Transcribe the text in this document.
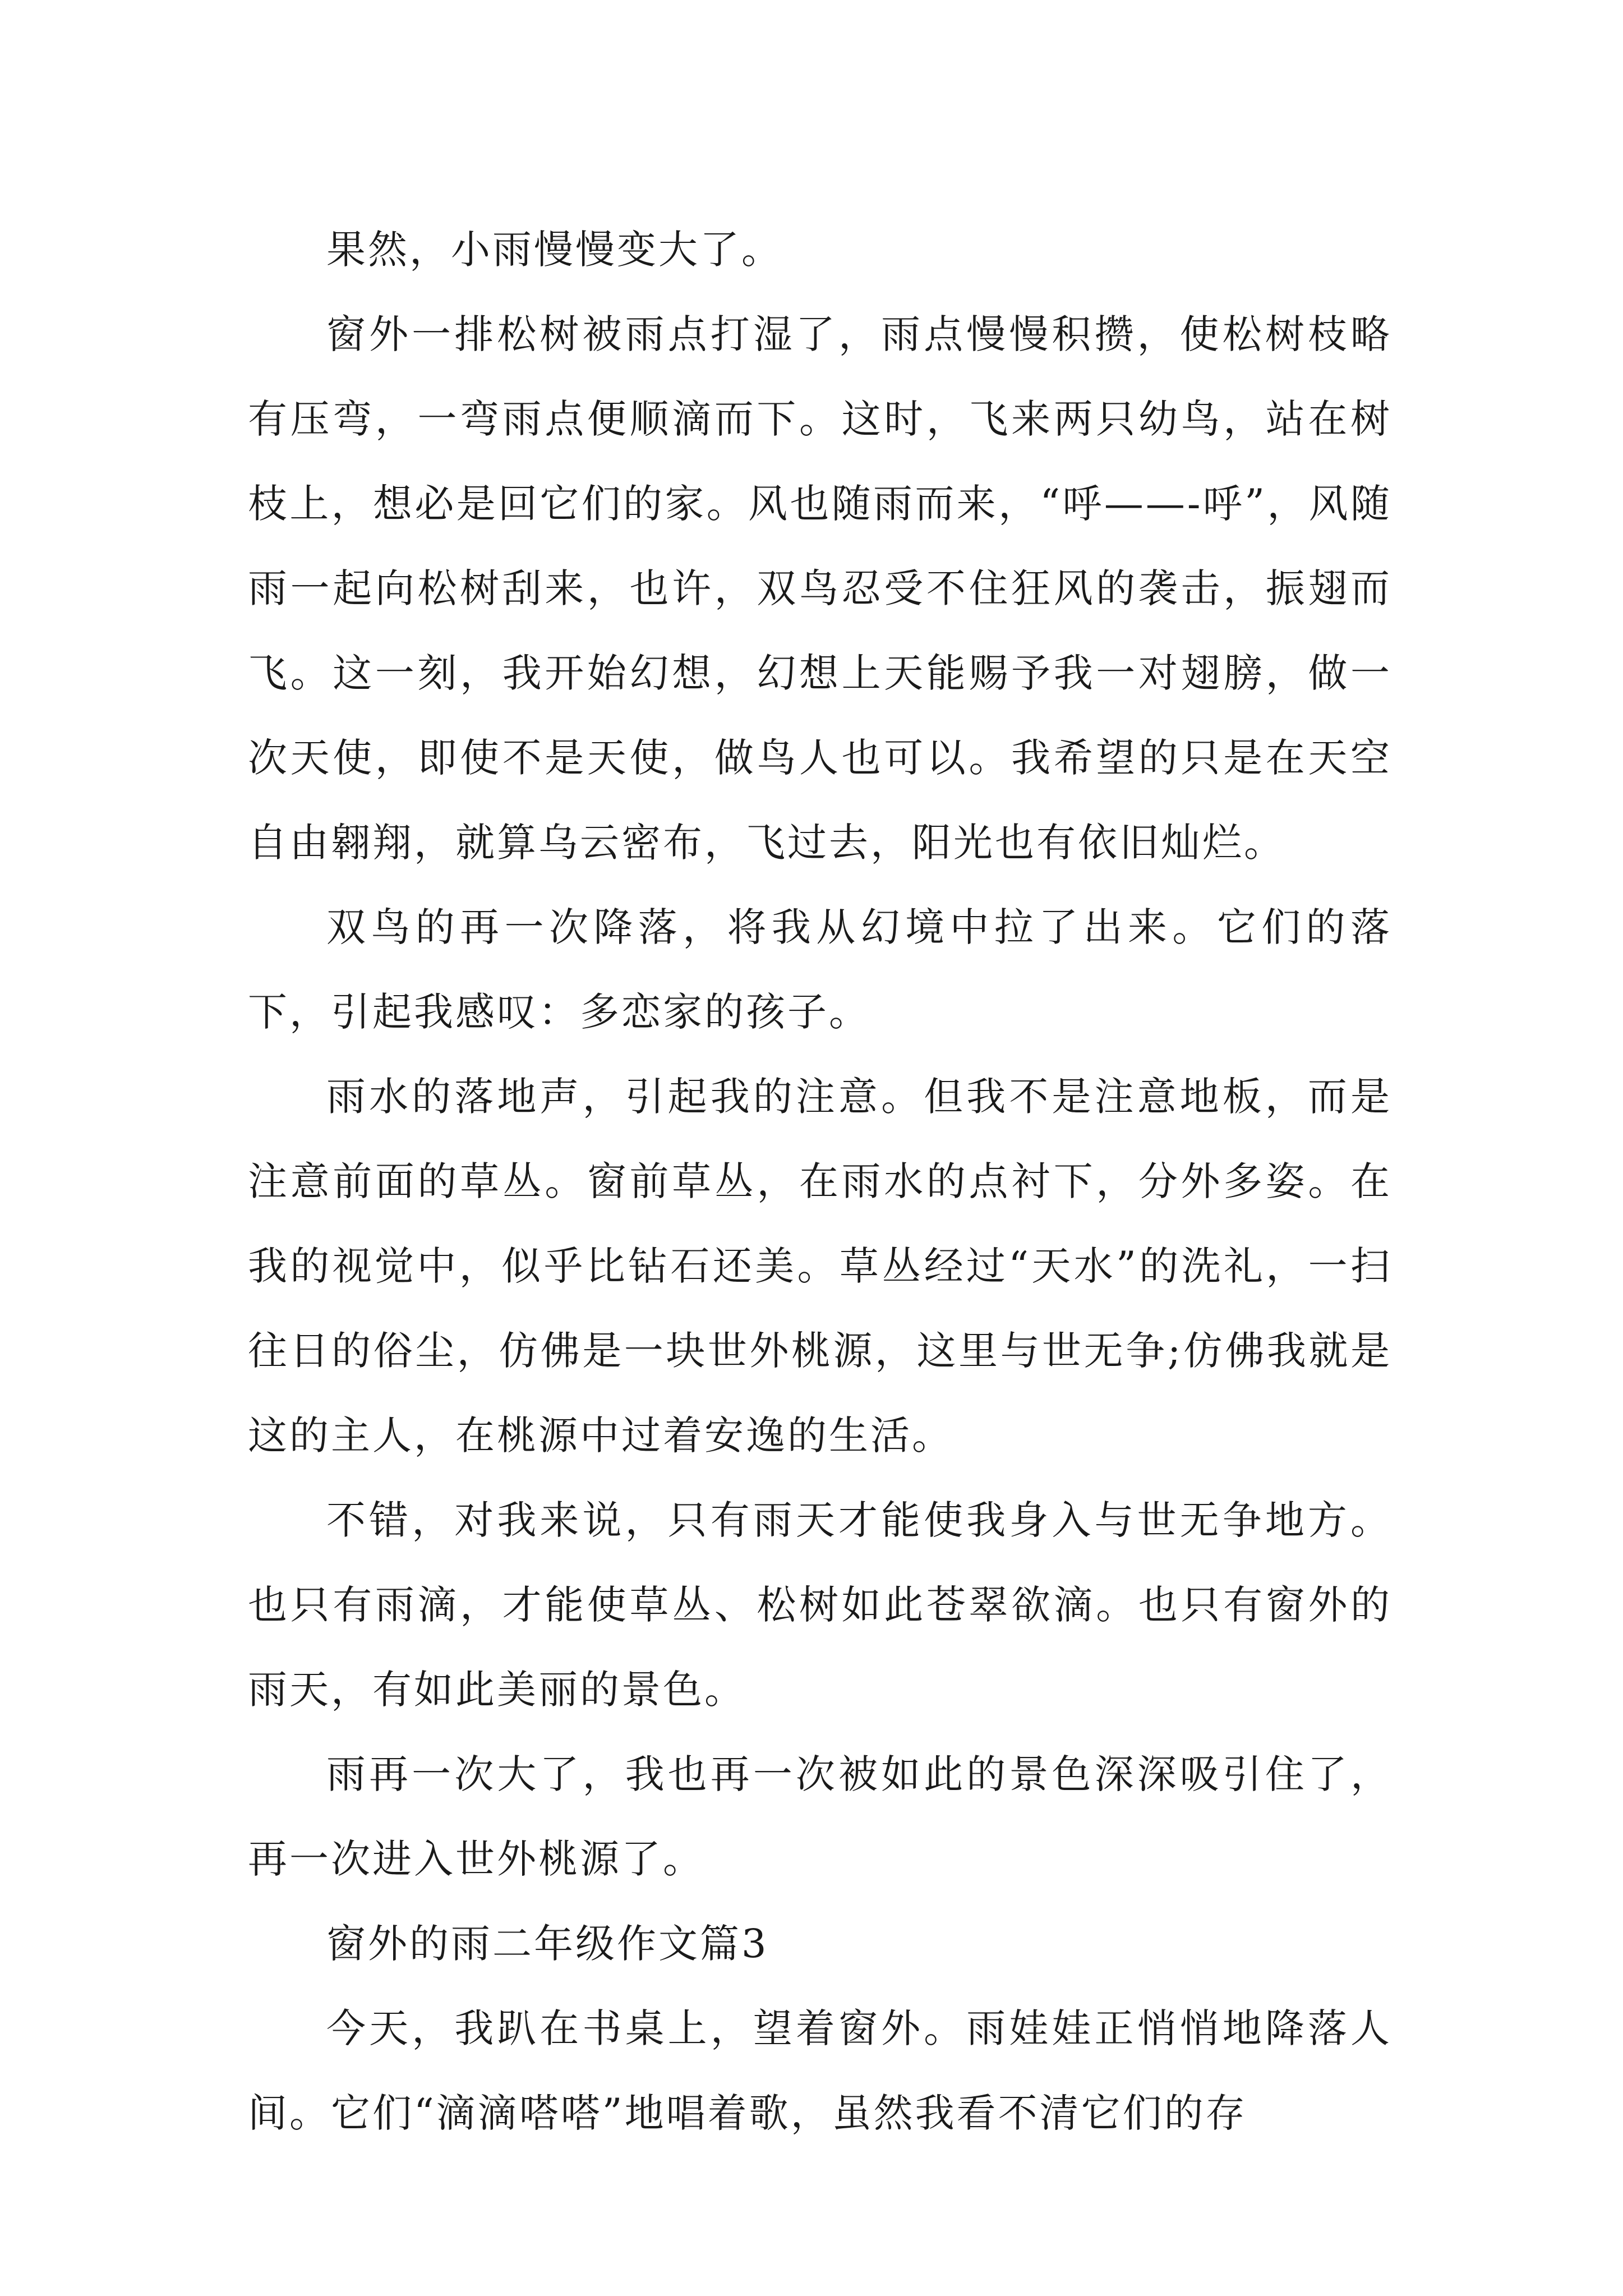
果然，小雨慢慢变大了。

窗外一排松树被雨点打湿了，雨点慢慢积攒，使松树枝略有压弯，一弯雨点便顺滴而下。这时，飞来两只幼鸟，站在树枝上，想必是回它们的家。风也随雨而来，“呼——-呼”，风随雨一起向松树刮来，也许，双鸟忍受不住狂风的袭击，振翅而飞。这一刻，我开始幻想，幻想上天能赐予我一对翅膀，做一次天使，即使不是天使，做鸟人也可以。我希望的只是在天空自由翱翔，就算乌云密布，飞过去，阳光也有依旧灿烂。

双鸟的再一次降落，将我从幻境中拉了出来。它们的落下，引起我感叹：多恋家的孩子。

雨水的落地声，引起我的注意。但我不是注意地板，而是注意前面的草丛。窗前草丛，在雨水的点衬下，分外多姿。在我的视觉中，似乎比钻石还美。草丛经过“天水”的洗礼，一扫往日的俗尘，仿佛是一块世外桃源，这里与世无争;仿佛我就是这的主人，在桃源中过着安逸的生活。

不错，对我来说，只有雨天才能使我身入与世无争地方。也只有雨滴，才能使草丛、松树如此苍翠欲滴。也只有窗外的雨天，有如此美丽的景色。

雨再一次大了，我也再一次被如此的景色深深吸引住了，再一次进入世外桃源了。

窗外的雨二年级作文篇3

今天，我趴在书桌上，望着窗外。雨娃娃正悄悄地降落人间。它们“滴滴嗒嗒”地唱着歌，虽然我看不清它们的存
